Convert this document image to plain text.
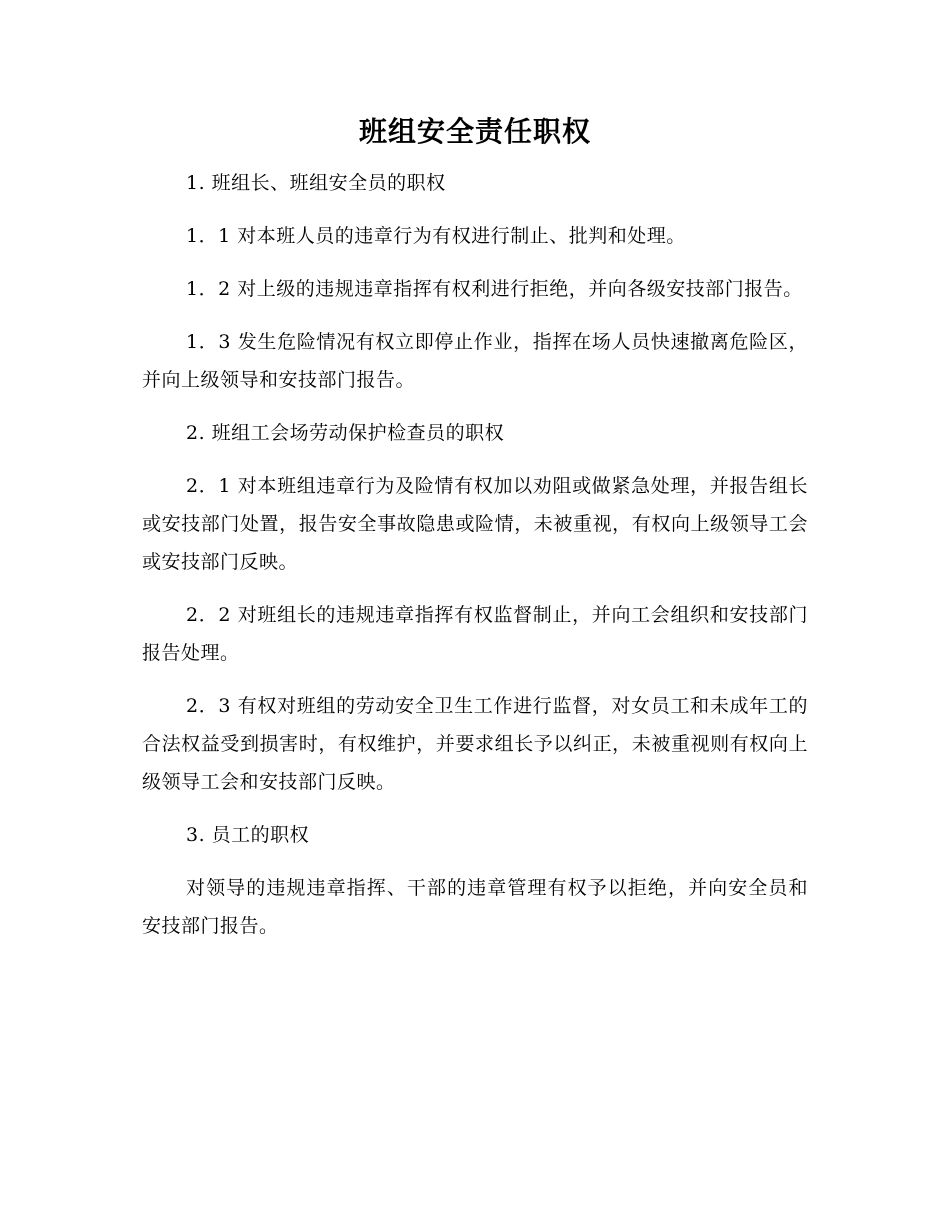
班组安全责任职权

1. 班组长、班组安全员的职权

1．1 对本班人员的违章行为有权进行制止、批判和处理。

1．2 对上级的违规违章指挥有权利进行拒绝，并向各级安技部门报告。

1．3 发生危险情况有权立即停止作业，指挥在场人员快速撤离危险区，并向上级领导和安技部门报告。

2. 班组工会场劳动保护检查员的职权

2．1 对本班组违章行为及险情有权加以劝阻或做紧急处理，并报告组长或安技部门处置，报告安全事故隐患或险情，未被重视，有权向上级领导工会或安技部门反映。

2．2 对班组长的违规违章指挥有权监督制止，并向工会组织和安技部门报告处理。

2．3 有权对班组的劳动安全卫生工作进行监督，对女员工和未成年工的合法权益受到损害时，有权维护，并要求组长予以纠正，未被重视则有权向上级领导工会和安技部门反映。

3. 员工的职权

对领导的违规违章指挥、干部的违章管理有权予以拒绝，并向安全员和安技部门报告。
